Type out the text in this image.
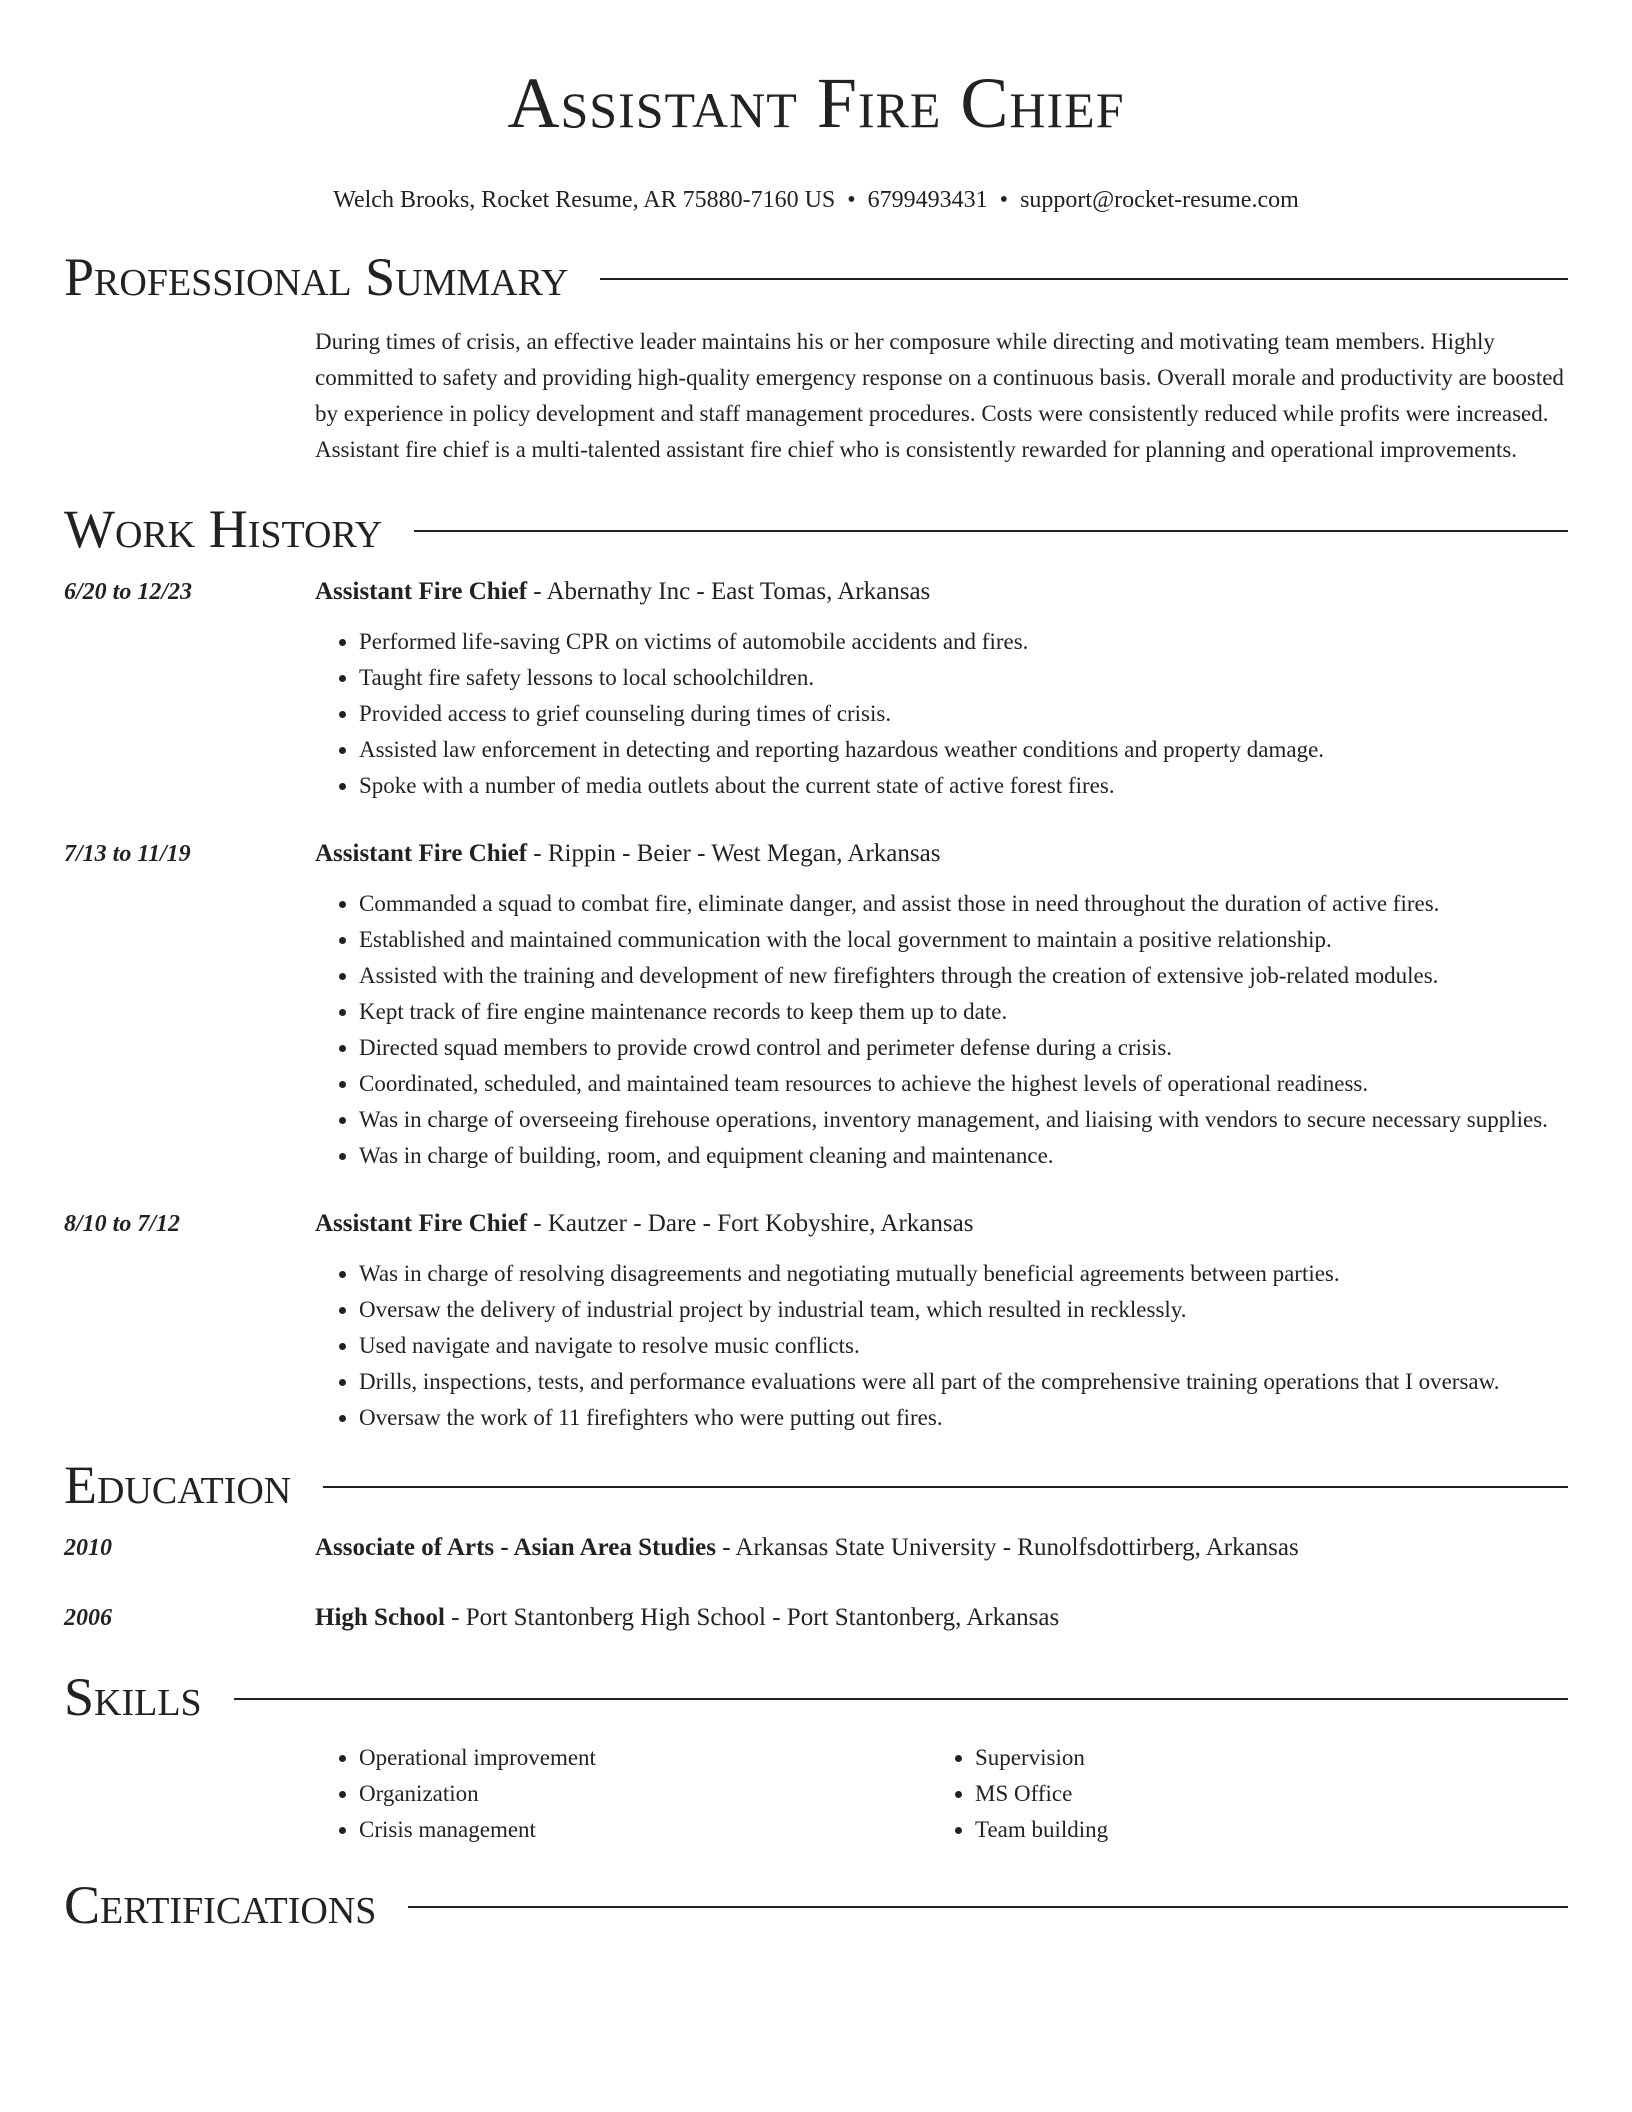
Assistant Fire Chief
Welch Brooks, Rocket Resume, AR 75880-7160 US • 6799493431 • support@rocket-resume.com
Professional Summary
During times of crisis, an effective leader maintains his or her composure while directing and motivating team members. Highly committed to safety and providing high-quality emergency response on a continuous basis. Overall morale and productivity are boosted by experience in policy development and staff management procedures. Costs were consistently reduced while profits were increased. Assistant fire chief is a multi-talented assistant fire chief who is consistently rewarded for planning and operational improvements.
Work History
6/20 to 12/23	Assistant Fire Chief - Abernathy Inc - East Tomas, Arkansas
• Performed life-saving CPR on victims of automobile accidents and fires.
• Taught fire safety lessons to local schoolchildren.
• Provided access to grief counseling during times of crisis.
• Assisted law enforcement in detecting and reporting hazardous weather conditions and property damage.
• Spoke with a number of media outlets about the current state of active forest fires.
7/13 to 11/19	Assistant Fire Chief - Rippin - Beier - West Megan, Arkansas
• Commanded a squad to combat fire, eliminate danger, and assist those in need throughout the duration of active fires.
• Established and maintained communication with the local government to maintain a positive relationship.
• Assisted with the training and development of new firefighters through the creation of extensive job-related modules.
• Kept track of fire engine maintenance records to keep them up to date.
• Directed squad members to provide crowd control and perimeter defense during a crisis.
• Coordinated, scheduled, and maintained team resources to achieve the highest levels of operational readiness.
• Was in charge of overseeing firehouse operations, inventory management, and liaising with vendors to secure necessary supplies.
• Was in charge of building, room, and equipment cleaning and maintenance.
8/10 to 7/12	Assistant Fire Chief - Kautzer - Dare - Fort Kobyshire, Arkansas
• Was in charge of resolving disagreements and negotiating mutually beneficial agreements between parties.
• Oversaw the delivery of industrial project by industrial team, which resulted in recklessly.
• Used navigate and navigate to resolve music conflicts.
• Drills, inspections, tests, and performance evaluations were all part of the comprehensive training operations that I oversaw.
• Oversaw the work of 11 firefighters who were putting out fires.
Education
2010	Associate of Arts - Asian Area Studies - Arkansas State University - Runolfsdottirberg, Arkansas
2006	High School - Port Stantonberg High School - Port Stantonberg, Arkansas
Skills
• Operational improvement
• Organization
• Crisis management
• Supervision
• MS Office
• Team building
Certifications
